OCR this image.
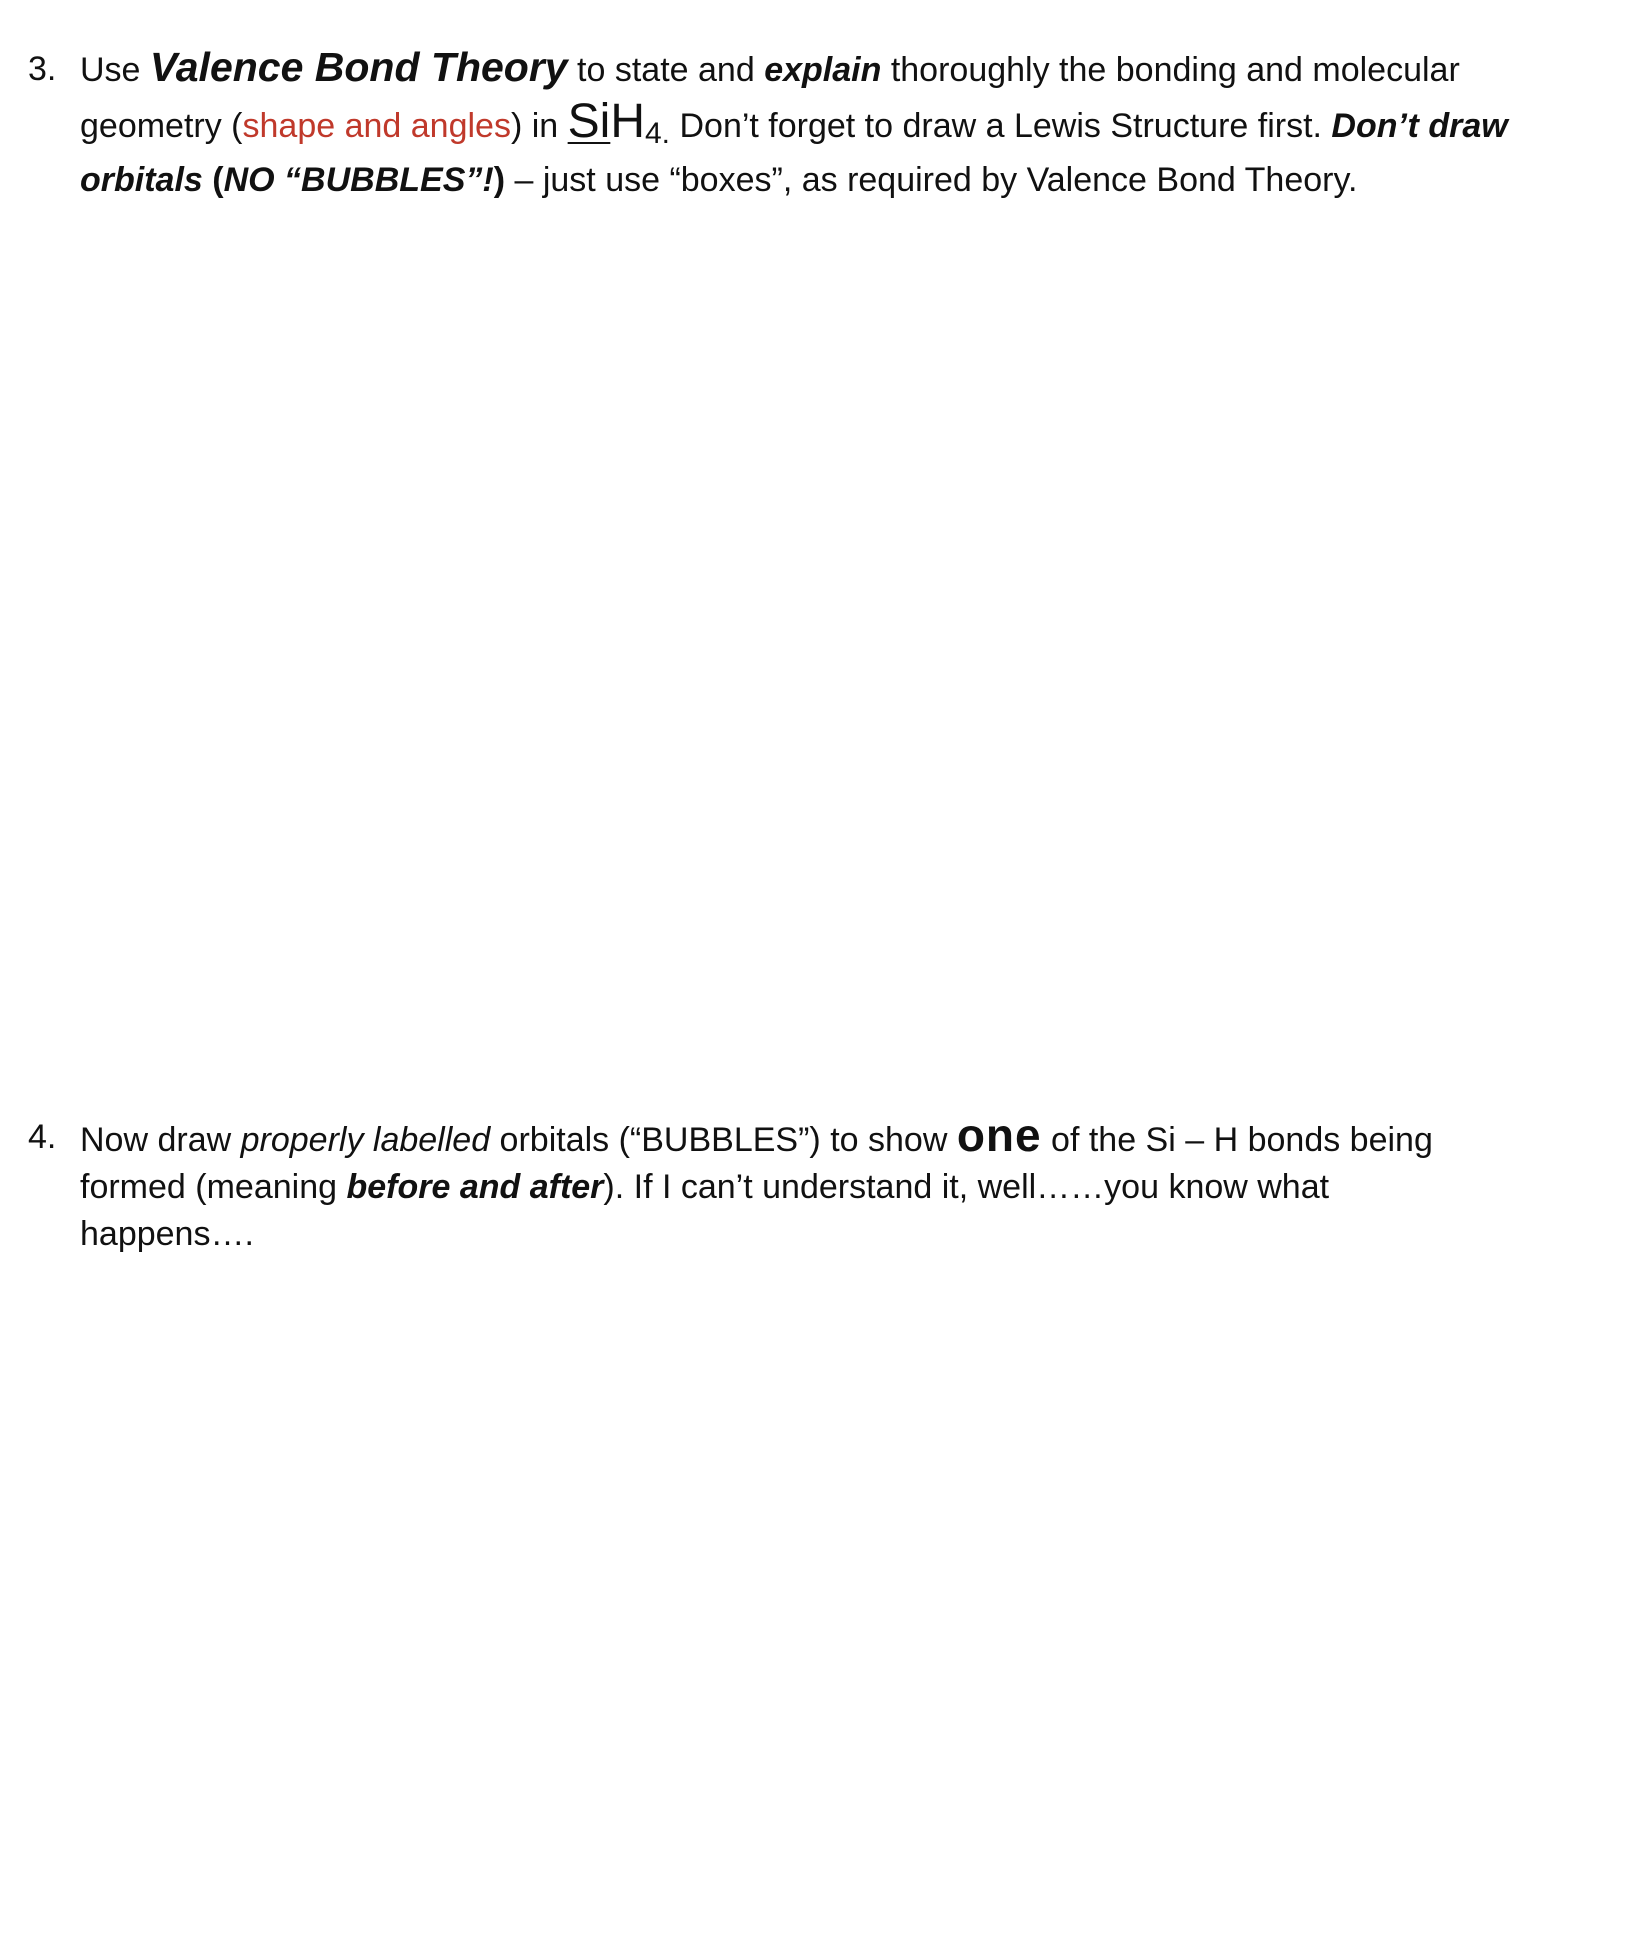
3. Use Valence Bond Theory to state and explain thoroughly the bonding and molecular
geometry (shape and angles) in SiH4. Don’t forget to draw a Lewis Structure first. Don’t draw
orbitals (NO “BUBBLES”!) – just use “boxes”, as required by Valence Bond Theory.
4. Now draw properly labelled orbitals (“BUBBLES”) to show one of the Si – H bonds being
formed (meaning before and after). If I can’t understand it, well……you know what
happens….
